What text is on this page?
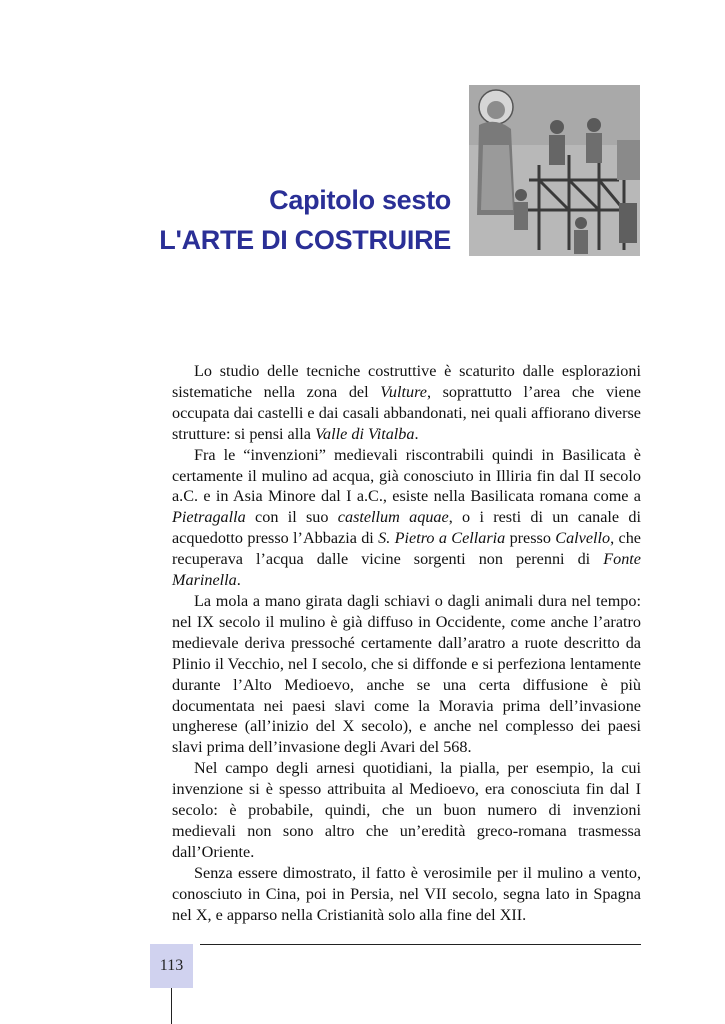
Capitolo sesto
L'ARTE DI COSTRUIRE

Lo studio delle tecniche costruttive è scaturito dalle esplorazioni sistematiche nella zona del Vulture, soprattutto l’area che viene occupata dai castelli e dai casali abbandonati, nei quali affiorano diverse strutture: si pensi alla Valle di Vitalba.

Fra le “invenzioni” medievali riscontrabili quindi in Basilicata è certamente il mulino ad acqua, già conosciuto in Illiria fin dal II secolo a.C. e in Asia Minore dal I a.C., esiste nella Basilicata romana come a Pietragalla con il suo castellum aquae, o i resti di un canale di acquedotto presso l’Abbazia di S. Pietro a Cellaria presso Calvello, che recuperava l’acqua dalle vicine sorgenti non perenni di Fonte Marinella.

La mola a mano girata dagli schiavi o dagli animali dura nel tempo: nel IX secolo il mulino è già diffuso in Occidente, come anche l’aratro medievale deriva pressoché certamente dall’aratro a ruote descritto da Plinio il Vecchio, nel I secolo, che si diffonde e si perfeziona lentamente durante l’Alto Medioevo, anche se una certa diffusione è più documentata nei paesi slavi come la Moravia prima dell’invasione ungherese (all’inizio del X secolo), e anche nel complesso dei paesi slavi prima dell’invasione degli Avari del 568.

Nel campo degli arnesi quotidiani, la pialla, per esempio, la cui invenzione si è spesso attribuita al Medioevo, era conosciuta fin dal I secolo: è probabile, quindi, che un buon numero di invenzioni medievali non sono altro che un’eredità greco-romana trasmessa dall’Oriente.

Senza essere dimostrato, il fatto è verosimile per il mulino a vento, conosciuto in Cina, poi in Persia, nel VII secolo, segna lato in Spagna nel X, e apparso nella Cristianità solo alla fine del XII.

113
